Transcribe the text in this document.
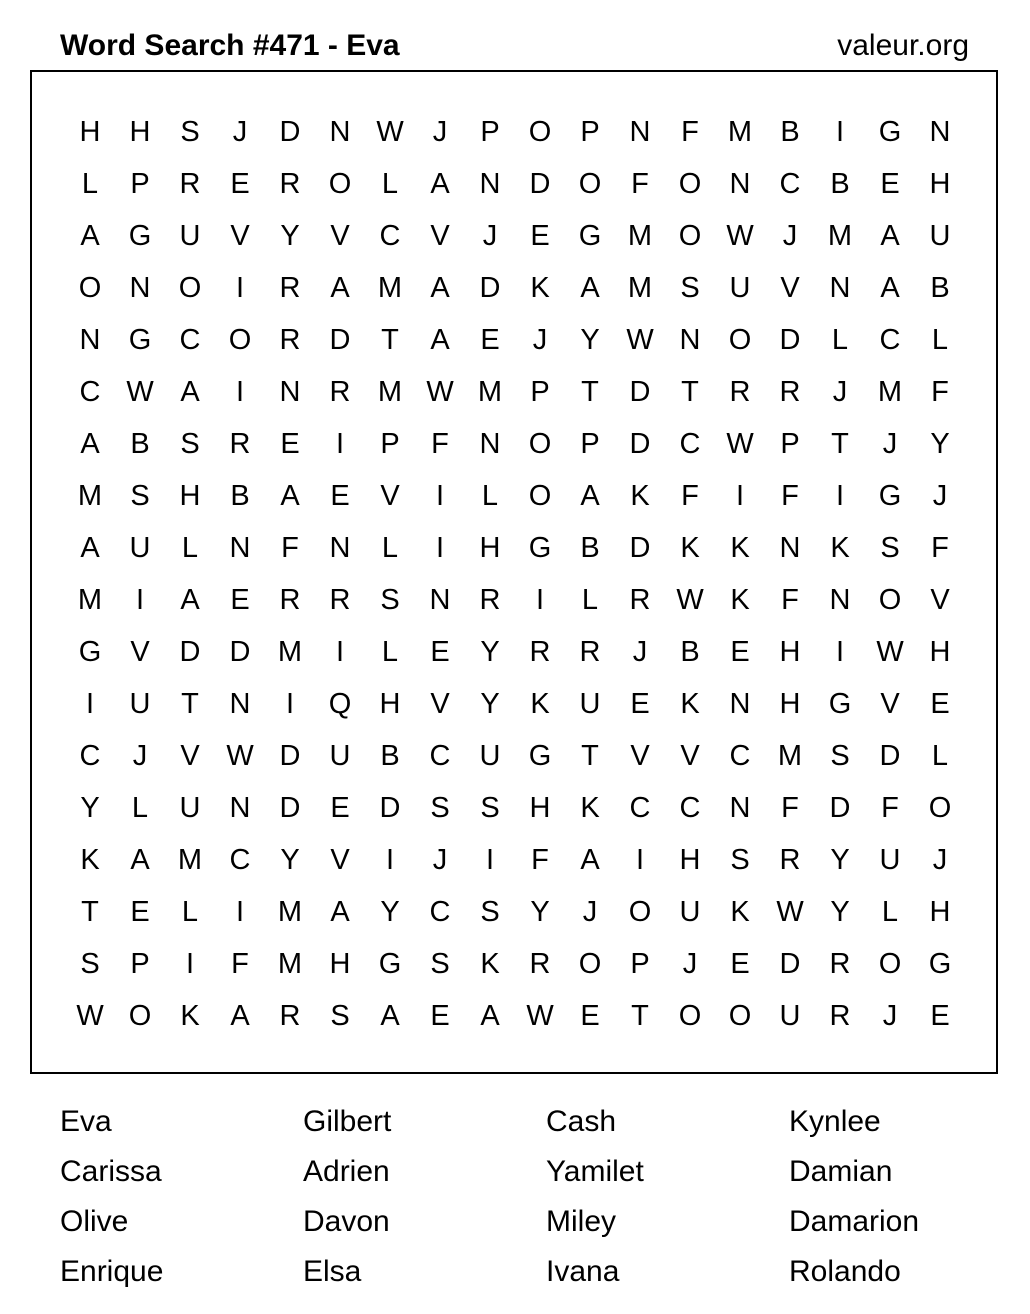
Word Search #471 - Eva	valeur.org
H	H	S	J	D	N W	J	P	O	P	N	F	M B	I	G N
L	P	R	E	R O	L	A	N	D O	F	O N	C	B	E	H
A	G U	V	Y	V	C	V	J	E	G M O W	J	M A	U
O N O	I	R	A M A	D	K	A M S	U	V	N	A	B
N G C O R	D	T	A	E	J	Y W N O D	L	C	L
C W A	I	N	R M W M P	T	D	T	R	R	J	M	F
A	B	S	R	E	I	P	F	N O	P	D	C W P	T	J	Y
M S	H	B	A	E	V	I	L	O	A	K	F	I	F	I	G	J
A	U	L	N	F	N	L	I	H G	B	D	K	K	N	K	S	F
M	I	A	E	R	R	S	N	R	I	L	R W K	F	N O	V
G	V	D	D M	I	L	E	Y	R	R	J	B	E	H	I	W H
I	U	T	N	I	Q H	V	Y	K	U	E	K	N	H G	V	E
C	J	V W D	U	B	C	U G	T	V	V	C M S	D	L
Y	L	U	N	D	E	D	S	S	H	K	C	C	N	F	D	F	O
K	A M C	Y	V	I	J	I	F	A	I	H	S	R	Y	U	J
T	E	L	I	M A	Y	C	S	Y	J	O U	K W Y	L	H
S	P	I	F	M H G	S	K	R O	P	J	E	D	R O G
W O	K	A	R	S	A	E	A W E	T	O O U	R	J	E
Eva	Gilbert	Cash	Kynlee
Carissa	Adrien	Yamilet	Damian
Olive	Davon	Miley	Damarion
Enrique	Elsa	Ivana	Rolando
